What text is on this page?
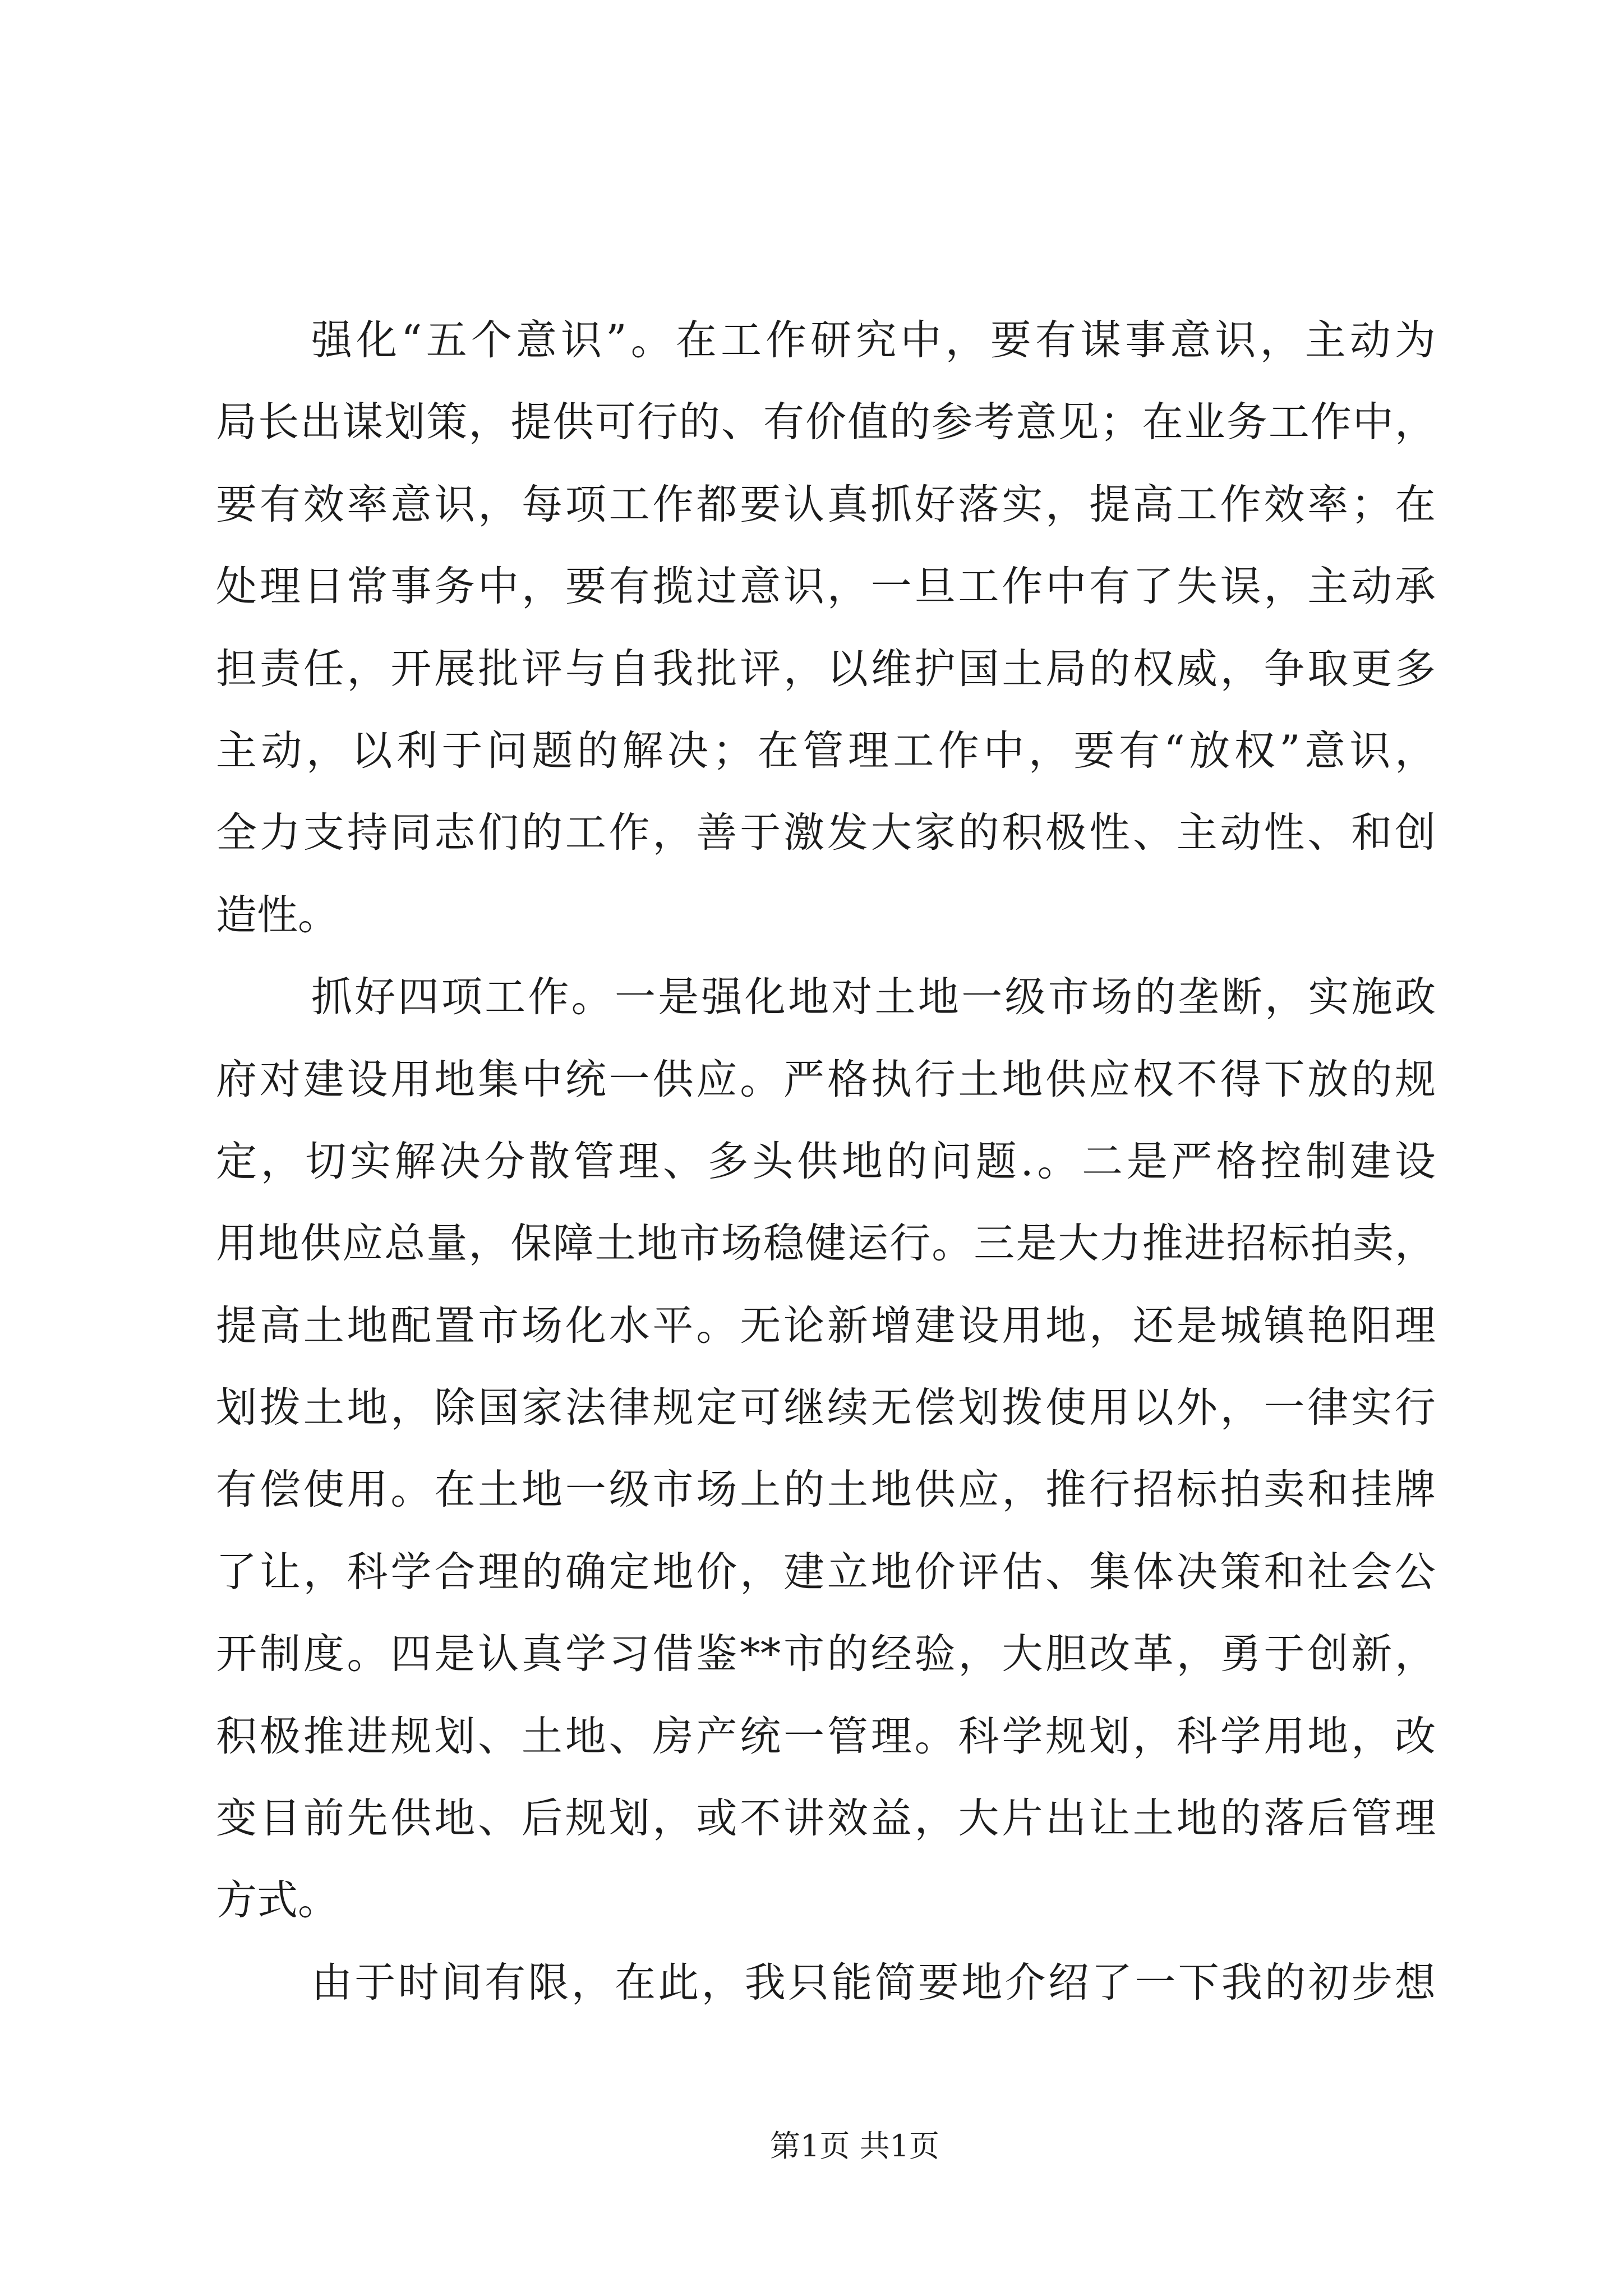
强化“五个意识”。在工作研究中，要有谋事意识，主动为
局长出谋划策，提供可行的、有价值的参考意见；在业务工作中，
要有效率意识，每项工作都要认真抓好落实，提高工作效率；在
处理日常事务中，要有揽过意识，一旦工作中有了失误，主动承
担责任，开展批评与自我批评，以维护国土局的权威，争取更多
主动，以利于问题的解决；在管理工作中，要有“放权”意识，
全力支持同志们的工作，善于激发大家的积极性、主动性、和创
造性。
抓好四项工作。一是强化地对土地一级市场的垄断，实施政
府对建设用地集中统一供应。严格执行土地供应权不得下放的规
定，切实解决分散管理、多头供地的问题.。二是严格控制建设
用地供应总量，保障土地市场稳健运行。三是大力推进招标拍卖，
提高土地配置市场化水平。无论新增建设用地，还是城镇艳阳理
划拨土地，除国家法律规定可继续无偿划拨使用以外，一律实行
有偿使用。在土地一级市场上的土地供应，推行招标拍卖和挂牌
了让，科学合理的确定地价，建立地价评估、集体决策和社会公
开制度。四是认真学习借鉴**市的经验，大胆改革，勇于创新，
积极推进规划、土地、房产统一管理。科学规划，科学用地，改
变目前先供地、后规划，或不讲效益，大片出让土地的落后管理
方式。
由于时间有限，在此，我只能简要地介绍了一下我的初步想
第1页 共1页
